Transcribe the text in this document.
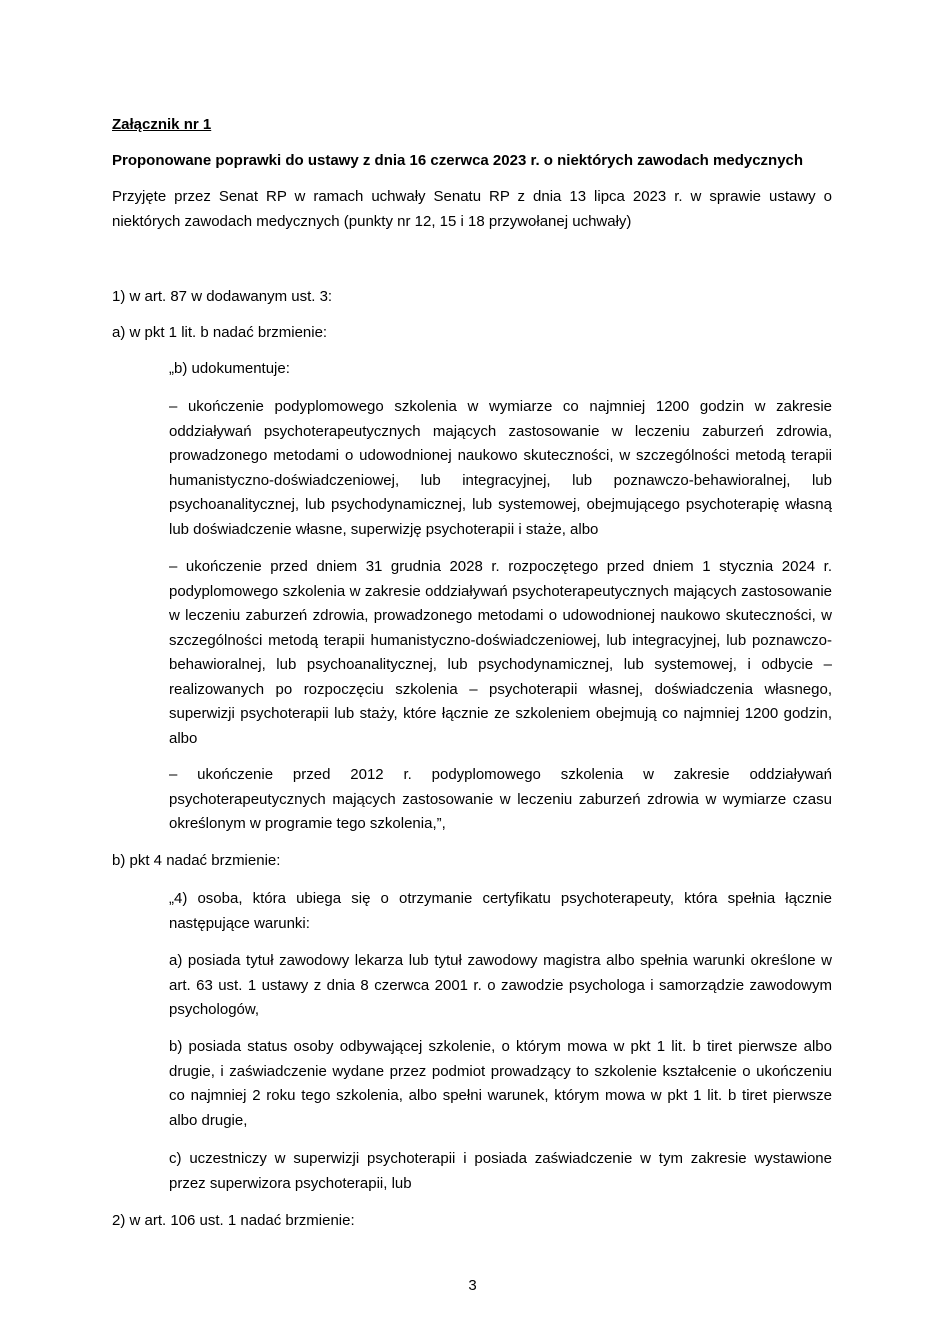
Załącznik nr 1

Proponowane poprawki do ustawy z dnia 16 czerwca 2023 r. o niektórych zawodach medycznych

Przyjęte przez Senat RP w ramach uchwały Senatu RP z dnia 13 lipca 2023 r. w sprawie ustawy o niektórych zawodach medycznych (punkty nr 12, 15 i 18 przywołanej uchwały)

1) w art. 87 w dodawanym ust. 3:

a) w pkt 1 lit. b nadać brzmienie:

„b) udokumentuje:

– ukończenie podyplomowego szkolenia w wymiarze co najmniej 1200 godzin w zakresie oddziaływań psychoterapeutycznych mających zastosowanie w leczeniu zaburzeń zdrowia, prowadzonego metodami o udowodnionej naukowo skuteczności, w szczególności metodą terapii humanistyczno-doświadczeniowej, lub integracyjnej, lub poznawczo-behawioralnej, lub psychoanalitycznej, lub psychodynamicznej, lub systemowej, obejmującego psychoterapię własną lub doświadczenie własne, superwizję psychoterapii i staże, albo

– ukończenie przed dniem 31 grudnia 2028 r. rozpoczętego przed dniem 1 stycznia 2024 r. podyplomowego szkolenia w zakresie oddziaływań psychoterapeutycznych mających zastosowanie w leczeniu zaburzeń zdrowia, prowadzonego metodami o udowodnionej naukowo skuteczności, w szczególności metodą terapii humanistyczno-doświadczeniowej, lub integracyjnej, lub poznawczo-behawioralnej, lub psychoanalitycznej, lub psychodynamicznej, lub systemowej, i odbycie – realizowanych po rozpoczęciu szkolenia – psychoterapii własnej, doświadczenia własnego, superwizji psychoterapii lub staży, które łącznie ze szkoleniem obejmują co najmniej 1200 godzin, albo

– ukończenie przed 2012 r. podyplomowego szkolenia w zakresie oddziaływań psychoterapeutycznych mających zastosowanie w leczeniu zaburzeń zdrowia w wymiarze czasu określonym w programie tego szkolenia,”,

b) pkt 4 nadać brzmienie:

„4) osoba, która ubiega się o otrzymanie certyfikatu psychoterapeuty, która spełnia łącznie następujące warunki:

a) posiada tytuł zawodowy lekarza lub tytuł zawodowy magistra albo spełnia warunki określone w art. 63 ust. 1 ustawy z dnia 8 czerwca 2001 r. o zawodzie psychologa i samorządzie zawodowym psychologów,

b) posiada status osoby odbywającej szkolenie, o którym mowa w pkt 1 lit. b tiret pierwsze albo drugie, i zaświadczenie wydane przez podmiot prowadzący to szkolenie kształcenie o ukończeniu co najmniej 2 roku tego szkolenia, albo spełni warunek, którym mowa w pkt 1 lit. b tiret pierwsze albo drugie,

c) uczestniczy w superwizji psychoterapii i posiada zaświadczenie w tym zakresie wystawione przez superwizora psychoterapii, lub

2) w art. 106 ust. 1 nadać brzmienie:

3
